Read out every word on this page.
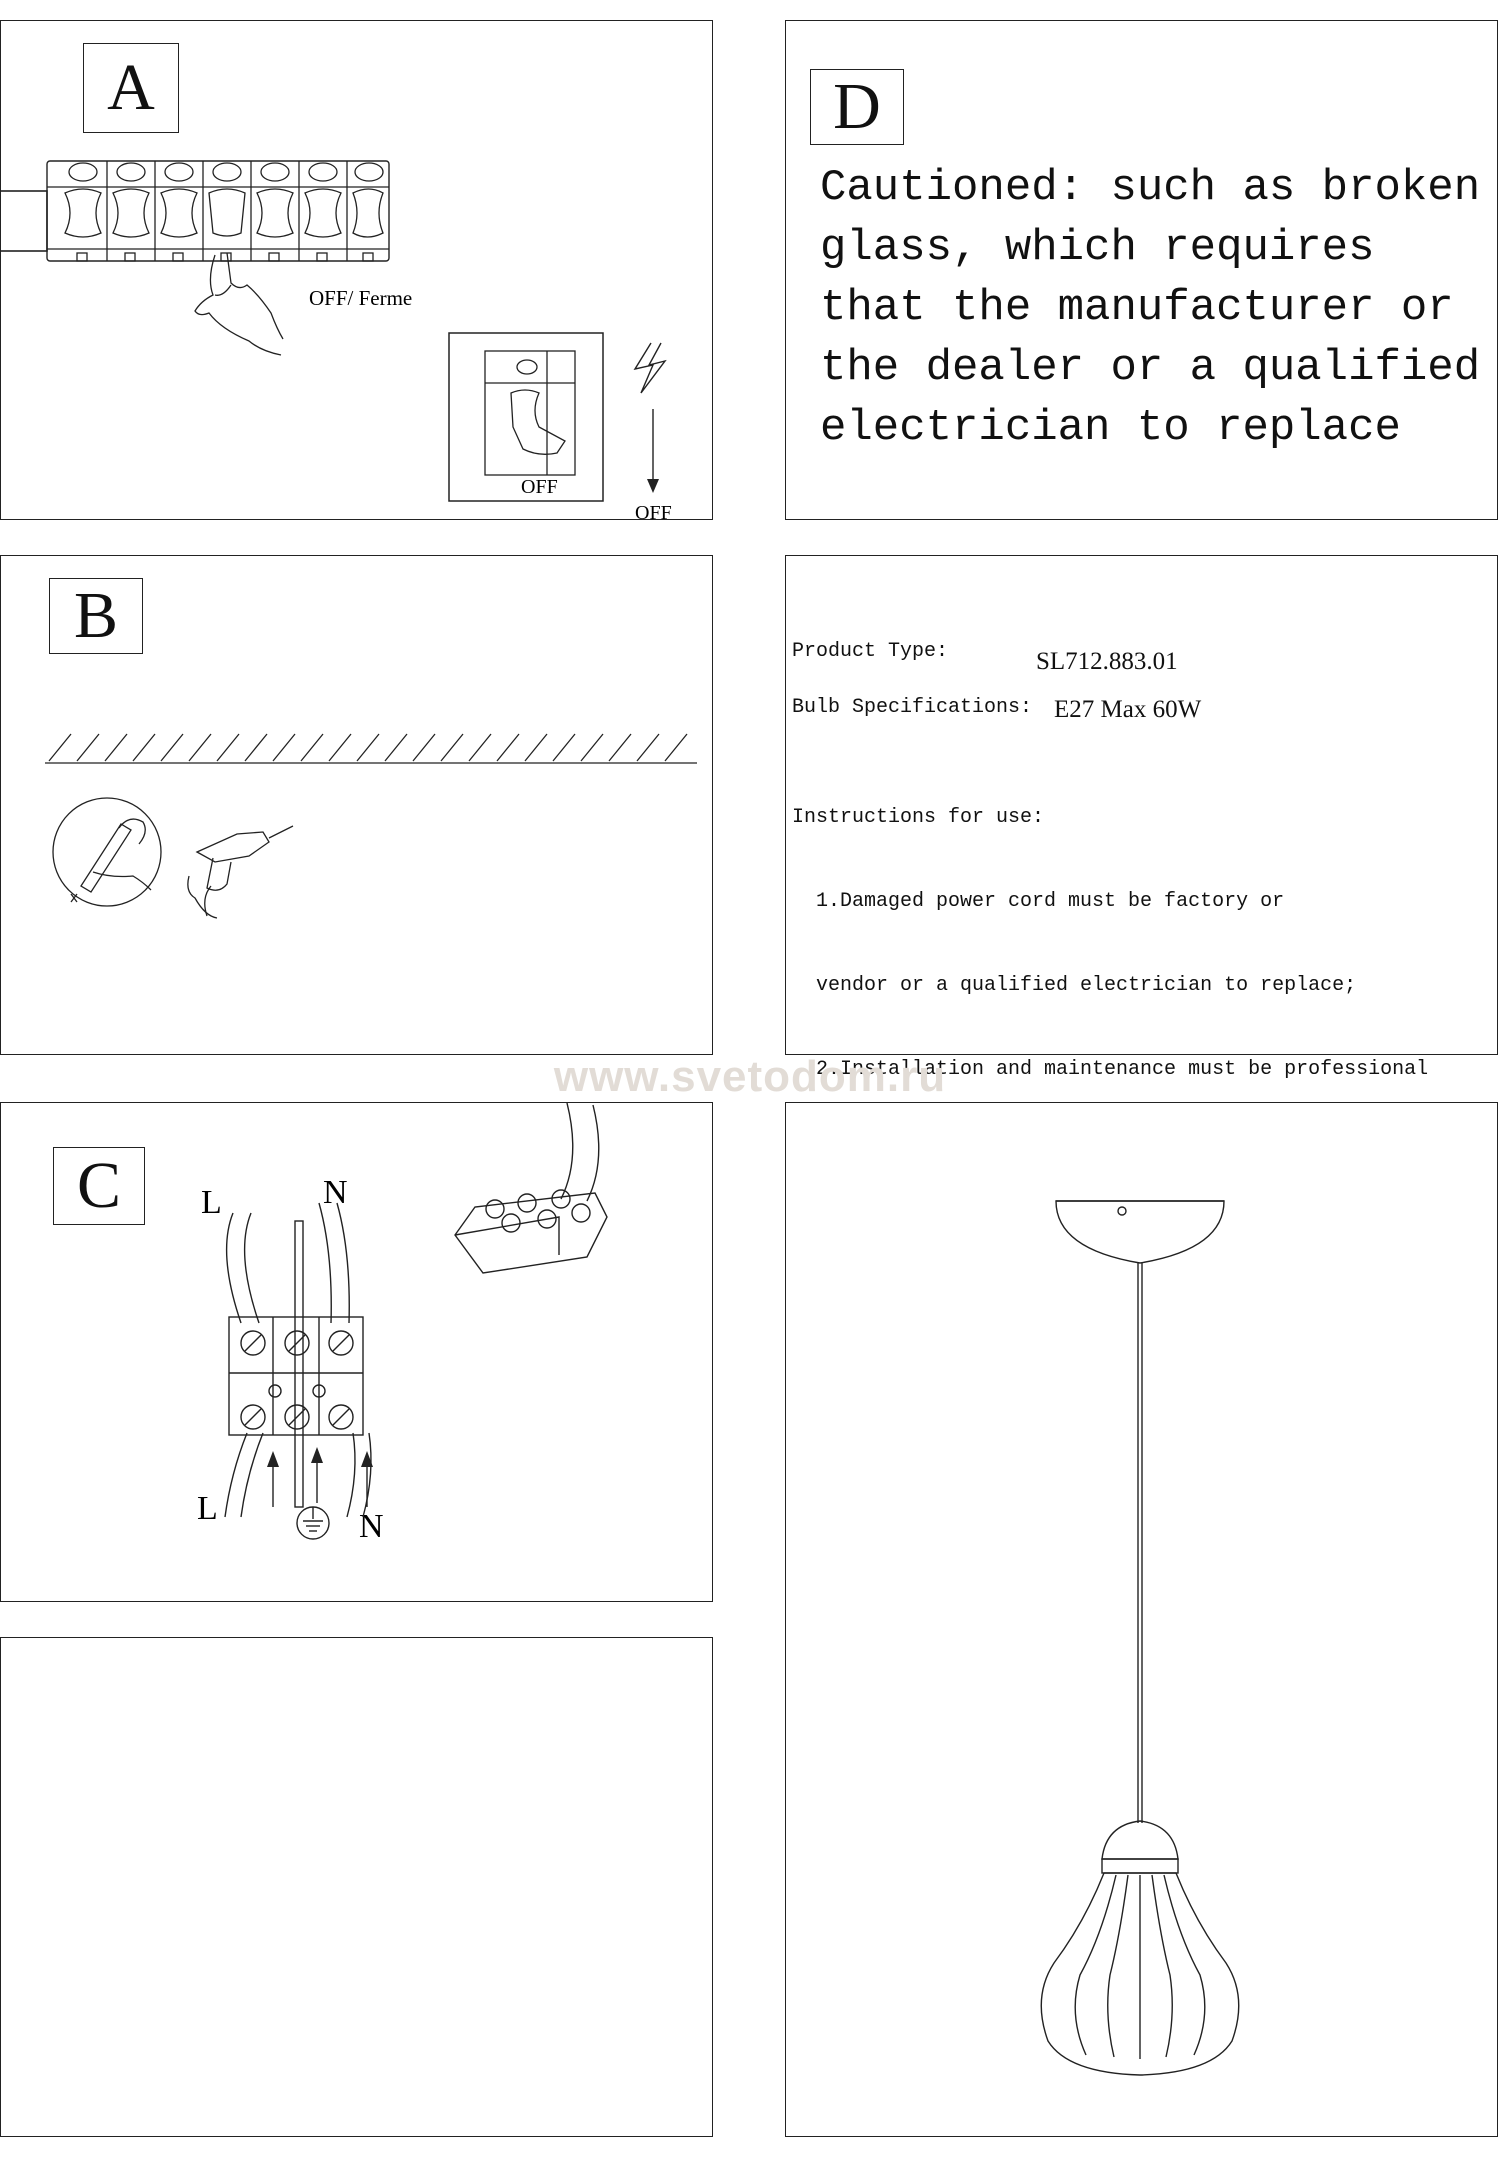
A
OFF/ Ferme
OFF
OFF
D
Cautioned: such as broken
glass, which requires
that the manufacturer or
the dealer or a qualified
electrician to replace
B	Product Type:	SL712.883.01
Bulb Specifications: E27 Max 60W

Instructions for use:

1.Damaged power cord must be factory or

vendor or a qualified electrician to replace;

2.Installation and maintenance must be professional

www.svetodom.ru
C	L	N
L	N
